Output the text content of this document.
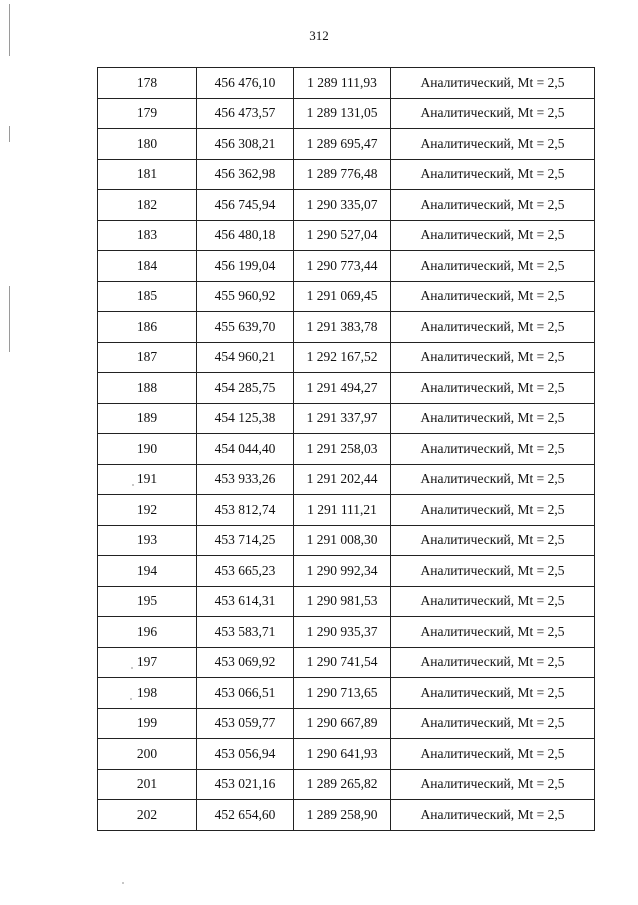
312
178	456 476,10	1 289 111,93	Аналитический, Mt = 2,5
179	456 473,57	1 289 131,05	Аналитический, Mt = 2,5
180	456 308,21	1 289 695,47	Аналитический, Mt = 2,5
181	456 362,98	1 289 776,48	Аналитический, Mt = 2,5
182	456 745,94	1 290 335,07	Аналитический, Mt = 2,5
183	456 480,18	1 290 527,04	Аналитический, Mt = 2,5
184	456 199,04	1 290 773,44	Аналитический, Mt = 2,5
185	455 960,92	1 291 069,45	Аналитический, Mt = 2,5
186	455 639,70	1 291 383,78	Аналитический, Mt = 2,5
187	454 960,21	1 292 167,52	Аналитический, Mt = 2,5
188	454 285,75	1 291 494,27	Аналитический, Mt = 2,5
189	454 125,38	1 291 337,97	Аналитический, Mt = 2,5
190	454 044,40	1 291 258,03	Аналитический, Mt = 2,5
191	453 933,26	1 291 202,44	Аналитический, Mt = 2,5
192	453 812,74	1 291 111,21	Аналитический, Mt = 2,5
193	453 714,25	1 291 008,30	Аналитический, Mt = 2,5
194	453 665,23	1 290 992,34	Аналитический, Mt = 2,5
195	453 614,31	1 290 981,53	Аналитический, Mt = 2,5
196	453 583,71	1 290 935,37	Аналитический, Mt = 2,5
197	453 069,92	1 290 741,54	Аналитический, Mt = 2,5
198	453 066,51	1 290 713,65	Аналитический, Mt = 2,5
199	453 059,77	1 290 667,89	Аналитический, Mt = 2,5
200	453 056,94	1 290 641,93	Аналитический, Mt = 2,5
201	453 021,16	1 289 265,82	Аналитический, Mt = 2,5
202	452 654,60	1 289 258,90	Аналитический, Mt = 2,5
